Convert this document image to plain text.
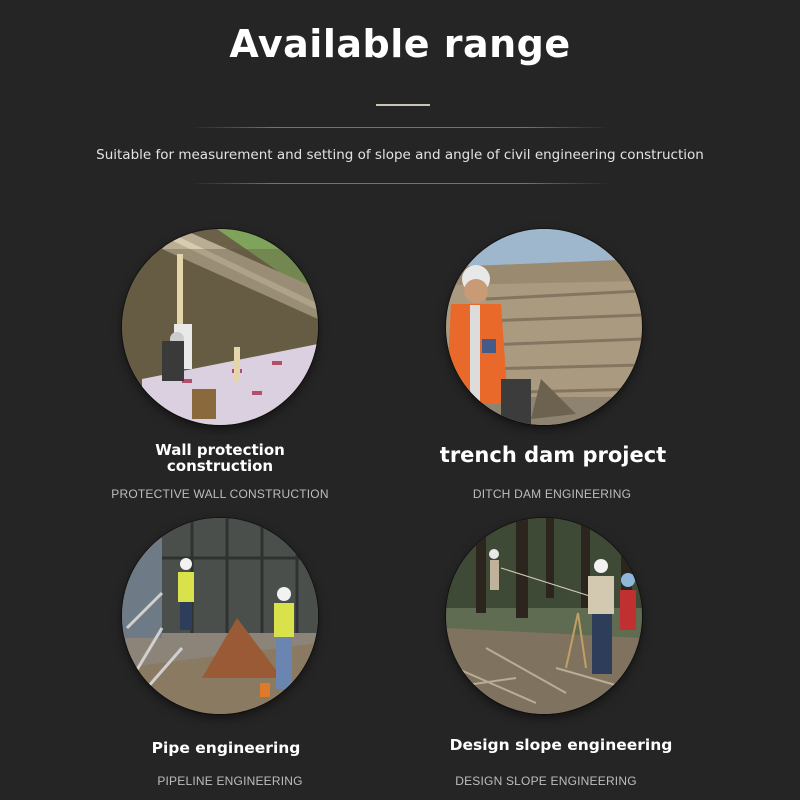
Available range
Suitable for measurement and setting of slope and angle of civil engineering construction
Wall protection
construction
PROTECTIVE WALL CONSTRUCTION
trench dam project
DITCH DAM ENGINEERING
Pipe engineering
PIPELINE ENGINEERING
Design slope engineering
DESIGN SLOPE ENGINEERING
